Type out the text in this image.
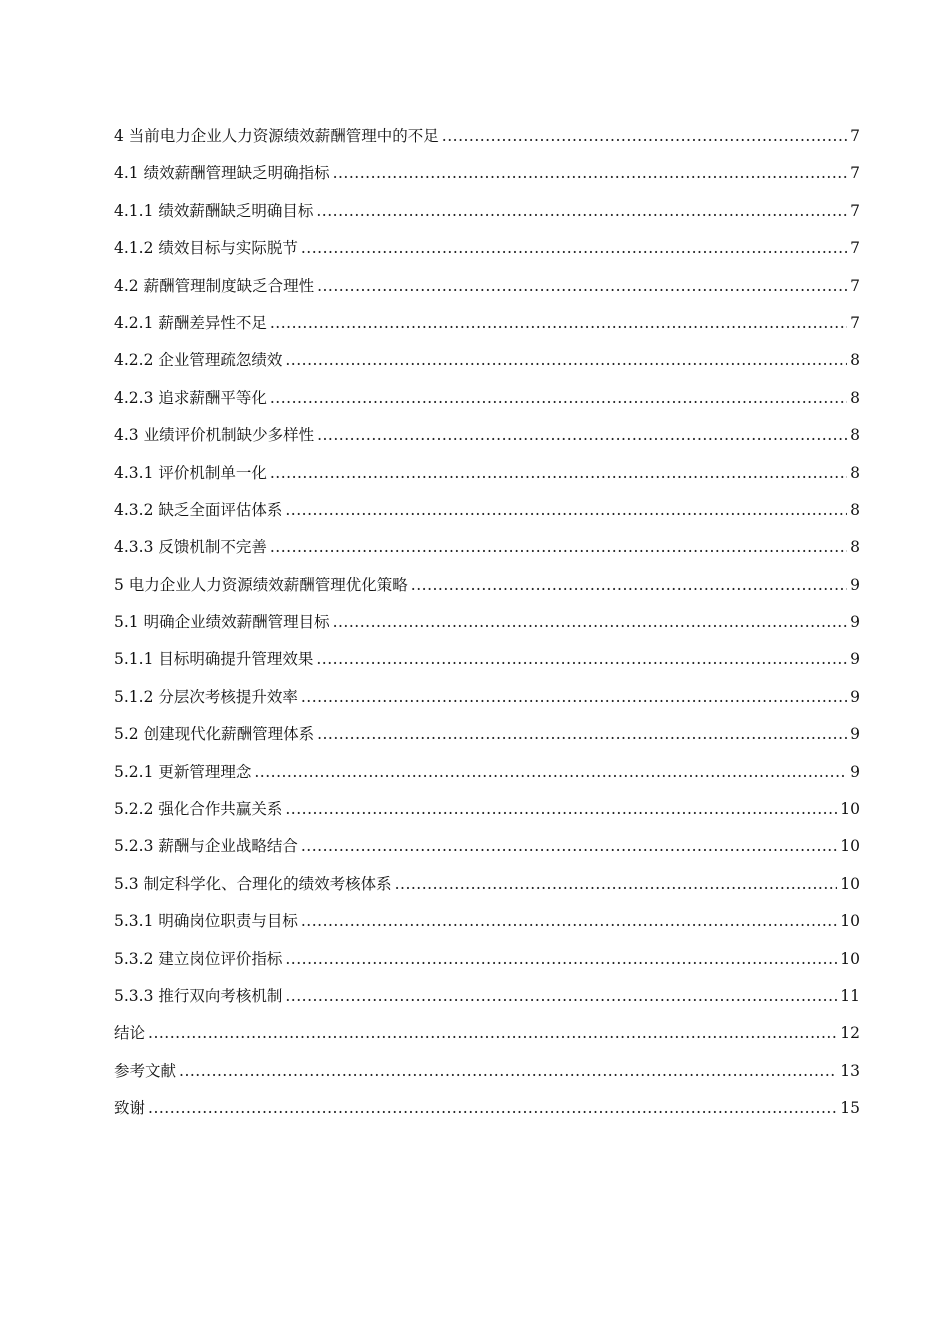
4 当前电力企业人力资源绩效薪酬管理中的不足 .....	7
4.1 绩效薪酬管理缺乏明确指标 .....	7
4.1.1 绩效薪酬缺乏明确目标 .....	7
4.1.2 绩效目标与实际脱节 .....	7
4.2 薪酬管理制度缺乏合理性 .....	7
4.2.1 薪酬差异性不足 .....	7
4.2.2 企业管理疏忽绩效 .....	8
4.2.3 追求薪酬平等化 .....	8
4.3 业绩评价机制缺少多样性 .....	8
4.3.1 评价机制单一化 .....	8
4.3.2 缺乏全面评估体系 .....	8
4.3.3 反馈机制不完善 .....	8
5 电力企业人力资源绩效薪酬管理优化策略 .....	9
5.1 明确企业绩效薪酬管理目标 .....	9
5.1.1 目标明确提升管理效果 .....	9
5.1.2 分层次考核提升效率 .....	9
5.2 创建现代化薪酬管理体系 .....	9
5.2.1 更新管理理念 .....	9
5.2.2 强化合作共赢关系 .....	10
5.2.3 薪酬与企业战略结合 .....	10
5.3 制定科学化、合理化的绩效考核体系 .....	10
5.3.1 明确岗位职责与目标 .....	10
5.3.2 建立岗位评价指标 .....	10
5.3.3 推行双向考核机制 .....	11
结论 .....	12
参考文献 .....	13
致谢 .....	15
